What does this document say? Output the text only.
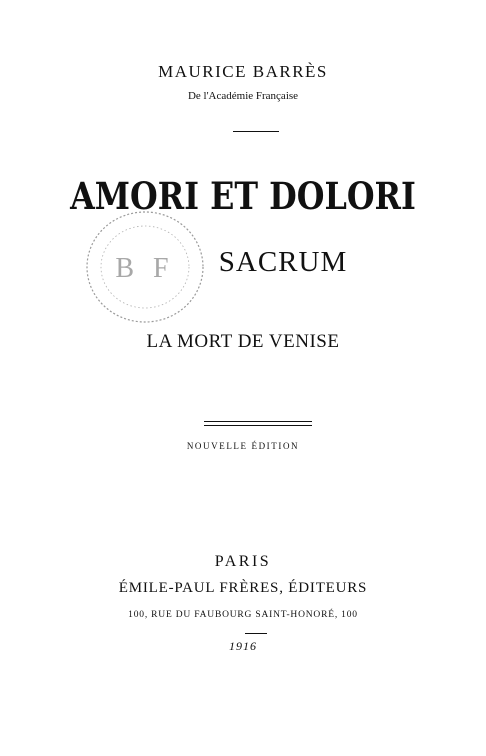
MAURICE BARRÈS
De l'Académie Française
B F
AMORI ET DOLORI
SACRUM
LA MORT DE VENISE
NOUVELLE ÉDITION
PARIS
ÉMILE-PAUL FRÈRES, ÉDITEURS
100, RUE DU FAUBOURG SAINT-HONORÉ, 100
1916
